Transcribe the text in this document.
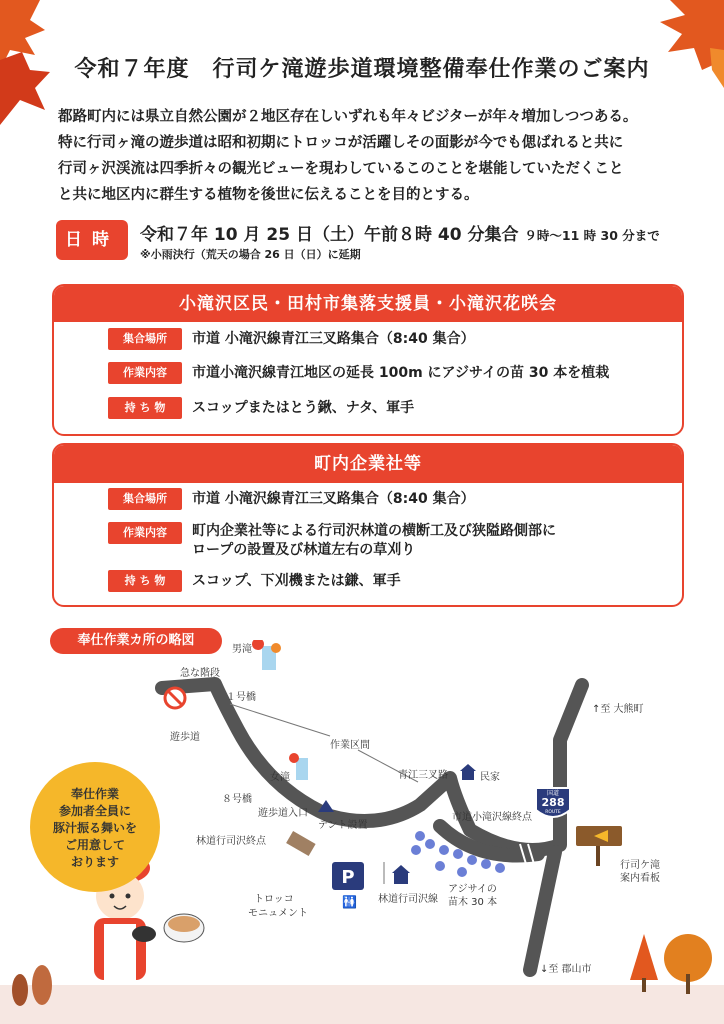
令和７年度　行司ケ滝遊歩道環境整備奉仕作業のご案内

都路町内には県立自然公園が２地区存在しいずれも年々ビジターが年々増加しつつある。

特に行司ヶ滝の遊歩道は昭和初期にトロッコが活躍しその面影が今でも偲ばれると共に

行司ヶ沢渓流は四季折々の観光ビューを現わしているこのことを堪能していただくこと

と共に地区内に群生する植物を後世に伝えることを目的とする。

日時	令和７年 10 月 25 日（土）午前８時 40 分集合 ９時～11 時 30 分まで
※小雨決行（荒天の場合 26 日（日）に延期
小滝沢区民・田村市集落支援員・小滝沢花咲会
集合場所	市道 小滝沢線青江三叉路集合（8:40 集合）
作業内容	市道小滝沢線青江地区の延長 100m にアジサイの苗 30 本を植栽
持 ち 物	スコップまたはとう鍬、ナタ、軍手
町内企業社等
集合場所	市道 小滝沢線青江三叉路集合（8:40 集合）
作業内容	町内企業社等による行司沢林道の横断工及び狭隘路側部に
ロープの設置及び林道左右の草刈り
持 ち 物	スコップ、下刈機または鎌、軍手
男滝
急な階段
１号橋
遊歩道
作業区間
女滝
８号橋
遊歩道入口
テント設置
林道行司沢終点
青江三叉路	民家
市道小滝沢線終点
国道
288
ROUTE
↑至 大熊町
行司ケ滝
案内看板
P
🚻 林道行司沢線
アジサイの
苗木 30 本
トロッコ
モニュメント
↓至 郡山市
奉仕作業カ所の略図
奉仕作業
参加者全員に
豚汁振る舞いを
ご用意して
おります
